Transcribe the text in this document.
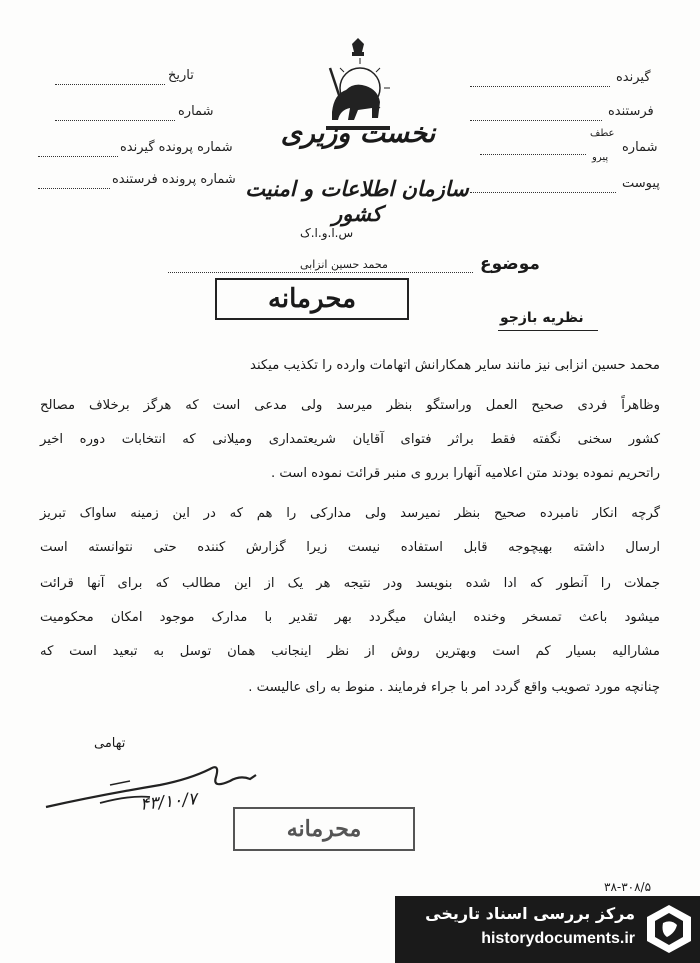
تاریخ
شماره
شماره پرونده گیرنده
شماره پرونده فرستنده
نخست وزیری
سازمان اطلاعات و امنیت کشور
س.ا.و.ا.ک
گیرنده
فرستنده
شماره
عطف
پیرو
پیوست
موضوع
محمد حسین انزابی
محرمانه
نظریه بازجو
محمد حسین انزابی نیز مانند سایر همکارانش اتهامات وارده را تکذیب میکند
وظاهراً فردی صحیح العمل وراستگو بنظر میرسد ولی مدعی است که هرگز برخلاف مصالح
کشور سخنی نگفته فقط براثر فتوای آقایان شریعتمداری ومیلانی که انتخابات دوره اخیر
راتحریم نموده بودند متن اعلامیه آنهارا بررو ی منبر قرائت نموده است .
گرچه انکار نامبرده صحیح بنظر نمیرسد ولی مدارکی را هم که در این زمینه ساواک تبریز
ارسال داشته بهیچوجه قابل استفاده نیست زیرا گزارش کننده حتی نتوانسته است
جملات را آنطور که ادا شده بنویسد ودر نتیجه هر یک از این مطالب که برای آنها قرائت
میشود باعث تمسخر وخنده ایشان میگردد بهر تقدیر با مدارک موجود امکان محکومیت
مشارالیه بسیار کم است وبهترین روش از نظر اینجانب همان توسل به تبعید است که
چنانچه مورد تصویب واقع گردد امر با جراء فرمایند . منوط به رای عالیست .
تهامی
۴۳/۱۰/۷
محرمانه
۳۸-۳۰۸/۵
مرکز بررسی اسناد تاریخی
historydocuments.ir
